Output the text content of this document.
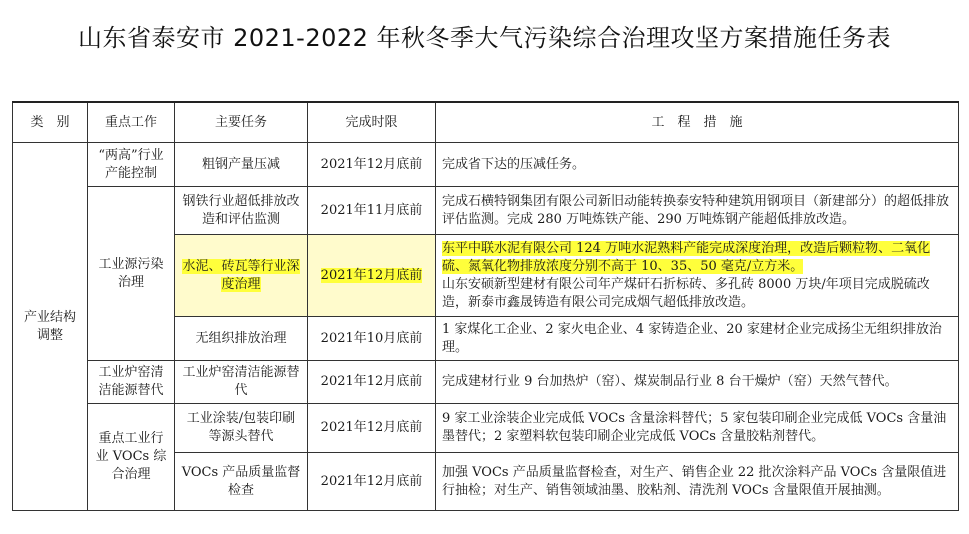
山东省泰安市 2021-2022 年秋冬季大气污染综合治理攻坚方案措施任务表
类　别	重点工作	主要任务	完成时限	工　程　措　施
产业结构调整	“两高”行业产能控制	粗钢产量压减	2021年12月底前	完成省下达的压减任务。
	工业源污染治理	钢铁行业超低排放改造和评估监测	2021年11月底前	完成石横特钢集团有限公司新旧动能转换泰安特种建筑用钢项目（新建部分）的超低排放评估监测。完成 280 万吨炼铁产能、290 万吨炼钢产能超低排放改造。
		水泥、砖瓦等行业深度治理	2021年12月底前	东平中联水泥有限公司 124 万吨水泥熟料产能完成深度治理，改造后颗粒物、二氧化硫、氮氧化物排放浓度分别不高于 10、35、50 毫克/立方米。
山东安硕新型建材有限公司年产煤矸石折标砖、多孔砖 8000 万块/年项目完成脱硫改造，新泰市鑫晟铸造有限公司完成烟气超低排放改造。
		无组织排放治理	2021年10月底前	1 家煤化工企业、2 家火电企业、4 家铸造企业、20 家建材企业完成扬尘无组织排放治理。
	工业炉窑清洁能源替代	工业炉窑清洁能源替代	2021年12月底前	完成建材行业 9 台加热炉（窑）、煤炭制品行业 8 台干燥炉（窑）天然气替代。
	重点工业行业 VOCs 综合治理	工业涂装/包装印刷等源头替代	2021年12月底前	9 家工业涂装企业完成低 VOCs 含量涂料替代；5 家包装印刷企业完成低 VOCs 含量油墨替代；2 家塑料软包装印刷企业完成低 VOCs 含量胶粘剂替代。
		VOCs 产品质量监督检查	2021年12月底前	加强 VOCs 产品质量监督检查，对生产、销售企业 22 批次涂料产品 VOCs 含量限值进行抽检；对生产、销售领域油墨、胶粘剂、清洗剂 VOCs 含量限值开展抽测。
